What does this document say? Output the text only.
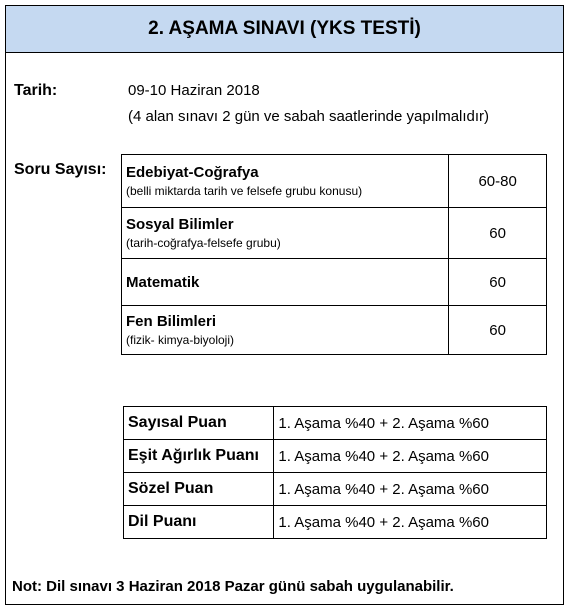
2. AŞAMA SINAVI (YKS TESTİ)
Tarih:	09-10 Haziran 2018
(4 alan sınavı 2 gün ve sabah saatlerinde yapılmalıdır)
Soru Sayısı: Edebiyat-Coğrafya
(belli miktarda tarih ve felsefe grubu konusu)	60-80

Sosyal Bilimler
(tarih-coğrafya-felsefe grubu)	60

Matematik	60

Fen Bilimleri
(fizik- kimya-biyoloji)	60
Sayısal Puan	1. Aşama %40 + 2. Aşama %60
Eşit Ağırlık Puanı	1. Aşama %40 + 2. Aşama %60
Sözel Puan	1. Aşama %40 + 2. Aşama %60
Dil Puanı	1. Aşama %40 + 2. Aşama %60
Not: Dil sınavı 3 Haziran 2018 Pazar günü sabah uygulanabilir.
